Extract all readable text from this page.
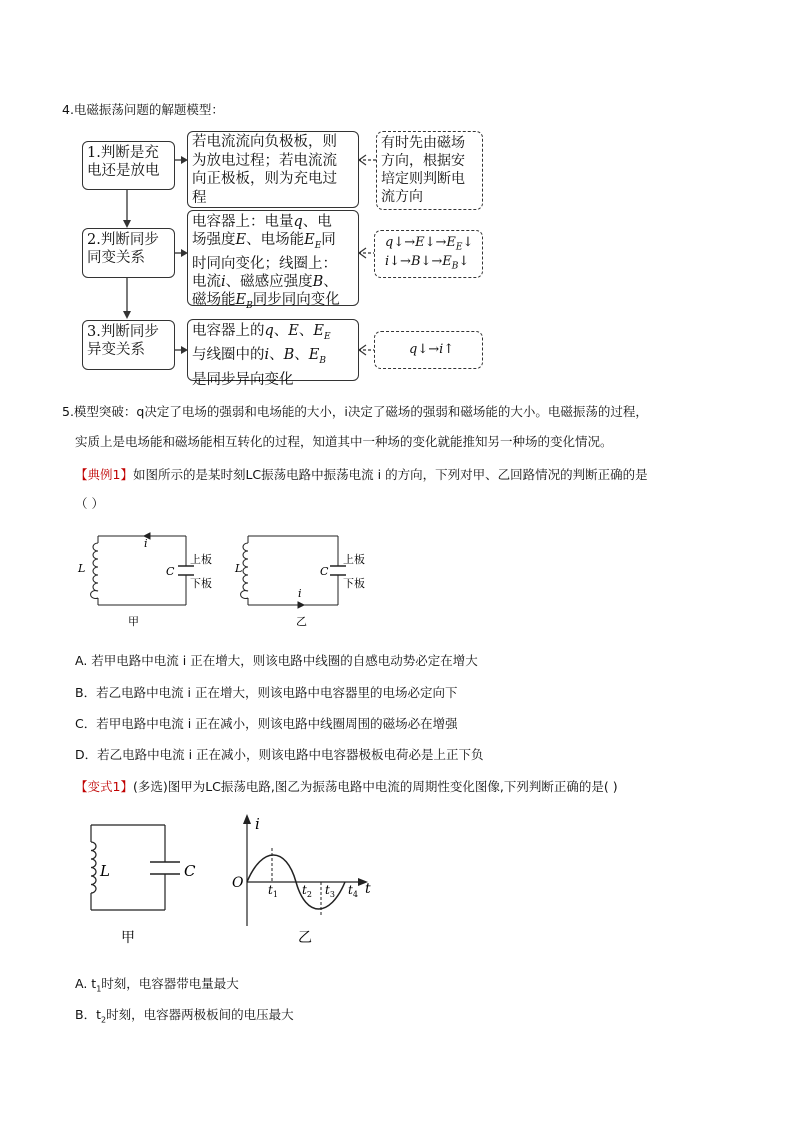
4.电磁振荡问题的解题模型：
1.判断是充
电还是放电
2.判断同步
同变关系
3.判断同步
异变关系
若电流流向负极板，则
为放电过程；若电流流
向正极板，则为充电过
程
电容器上：电量q、电
场强度E、电场能$E_E$同
时同向变化；线圈上：
电流i、磁感应强度B、
磁场能$E_B$同步同向变化
电容器上的q、E、$E_E$
与线圈中的i、B、$E_B$
是同步异向变化
有时先由磁场
方向，根据安
培定则判断电
流方向
$q↓\to E↓\to E_E↓$
$i↓\to B↓\to E_B↓$
q↓→i↑
5.模型突破：q决定了电场的强弱和电场能的大小，i决定了磁场的强弱和磁场能的大小。电磁振荡的过程，
实质上是电场能和磁场能相互转化的过程，知道其中一种场的变化就能推知另一种场的变化情况。
【典例1】如图所示的是某时刻LC振荡电路中振荡电流 i 的方向，下列对甲、乙回路情况的判断正确的是
（ ）
L	C
i
上板
下板
甲
L	C
i
上板
下板
乙
A. 若甲电路中电流 i 正在增大，则该电路中线圈的自感电动势必定在增大
B．若乙电路中电流 i 正在增大，则该电路中电容器里的电场必定向下
C．若甲电路中电流 i 正在减小，则该电路中线圈周围的磁场必在增强
D．若乙电路中电流 i 正在减小，则该电路中电容器极板电荷必是上正下负
【变式1】(多选)图甲为LC振荡电路,图乙为振荡电路中电流的周期性变化图像,下列判断正确的是( )
L	C
甲
i
t
O $t_1$ $t_2$ $t_3$ $t_4$
乙
A. $t_1$时刻，电容器带电量最大
B．$t_2$时刻，电容器两极板间的电压最大
